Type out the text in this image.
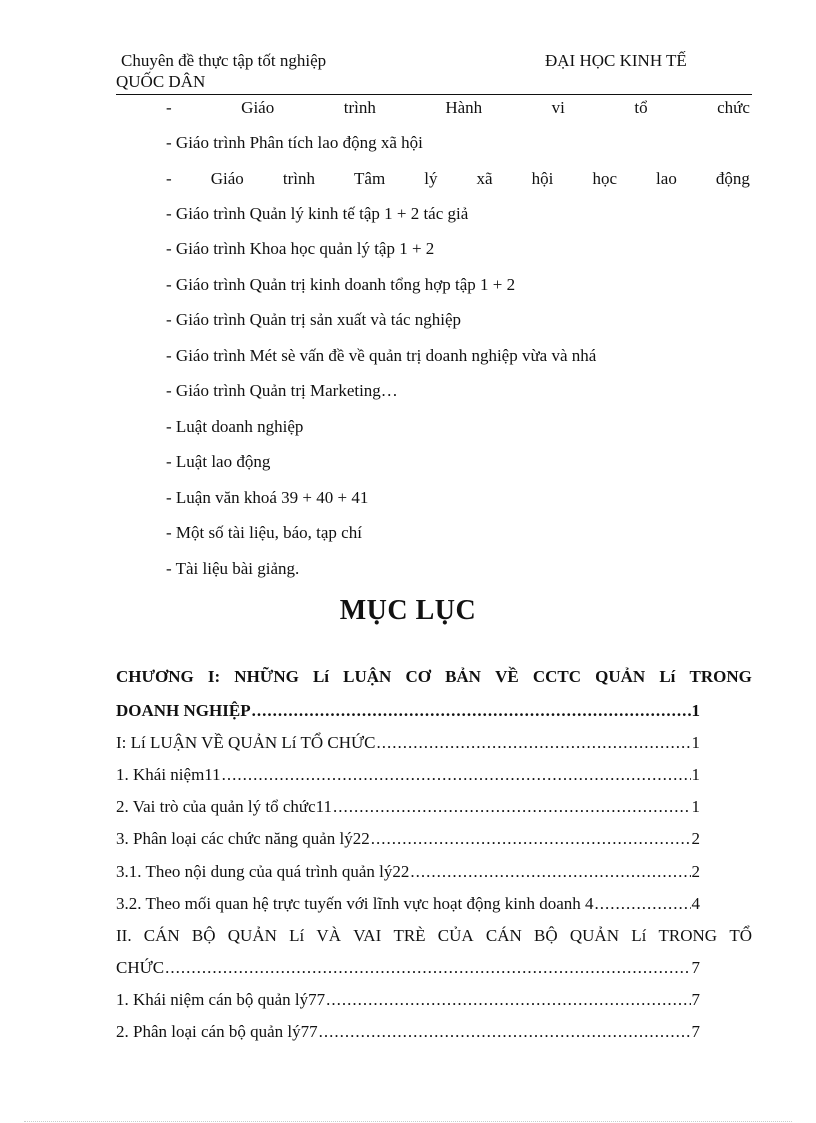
Chuyên đề thực tập tốt nghiệp	ĐẠI HỌC KINH TẾ
QUỐC DÂN
-	Giáo	trình	Hành	vi	tổ	chức
- Giáo trình Phân tích lao động xã hội
- Giáo trình Tâm lý xã hội học lao động
- Giáo trình Quản lý kinh tế tập 1 + 2 tác giả
- Giáo trình Khoa học quản lý tập 1 + 2
- Giáo trình Quản trị kinh doanh tổng hợp tập 1 + 2
- Giáo trình Quản trị sản xuất và tác nghiệp
- Giáo trình Mét sè vấn đề về quản trị doanh nghiệp vừa và nhá
- Giáo trình Quản trị Marketing…
- Luật doanh nghiệp
- Luật lao động
- Luận văn khoá 39 + 40 + 41
- Một số tài liệu, báo, tạp chí
- Tài liệu bài giảng.
MỤC LỤC
CHƯƠNG I: NHỮNG Lí LUẬN CƠ BẢN VỀ CCTC QUẢN Lí TRONG
DOANH NGHIỆP .....	1
I: Lí LUẬN VỀ QUẢN Lí TỔ CHỨC .....	1
1. Khái niệm11 .....	1
2. Vai trò của quản lý tổ chức11 .....	1
3. Phân loại các chức năng quản lý22 .....	2
3.1. Theo nội dung của quá trình quản lý22 .....	2
3.2. Theo mối quan hệ trực tuyến với lĩnh vực hoạt động kinh doanh 4 .....	4
II. CÁN BỘ QUẢN Lí VÀ VAI TRÈ CỦA CÁN BỘ QUẢN Lí TRONG TỔ
CHỨC .....	7
1. Khái niệm cán bộ quản lý77 .....	7
2. Phân loại cán bộ quản lý77 .....	7
